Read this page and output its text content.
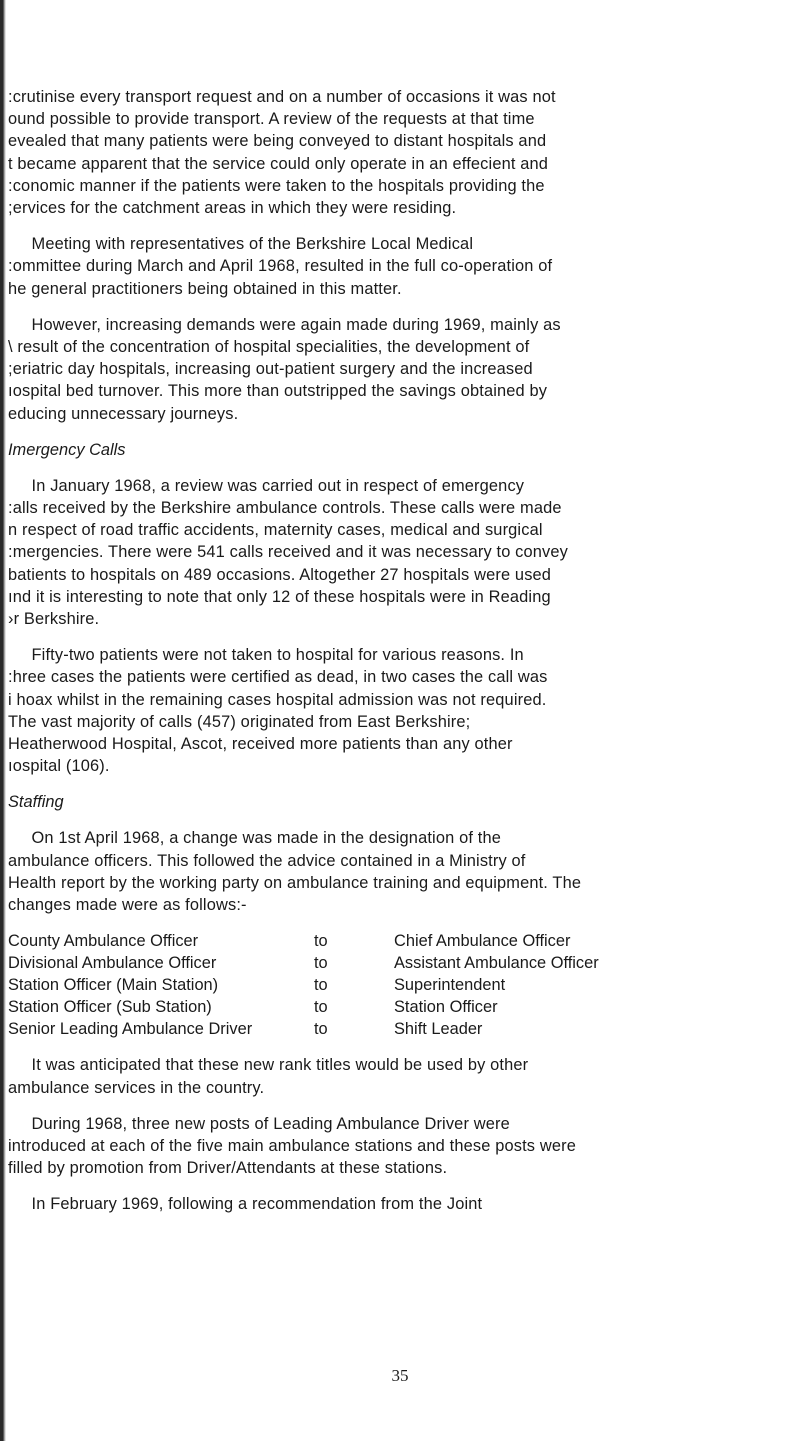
:crutinise every transport request and on a number of occasions it was not
ound possible to provide transport. A review of the requests at that time
evealed that many patients were being conveyed to distant hospitals and
t became apparent that the service could only operate in an effecient and
:conomic manner if the patients were taken to the hospitals providing the
;ervices for the catchment areas in which they were residing.

Meeting with representatives of the Berkshire Local Medical
:ommittee during March and April 1968, resulted in the full co-operation of
he general practitioners being obtained in this matter.

However, increasing demands were again made during 1969, mainly as
\ result of the concentration of hospital specialities, the development of
;eriatric day hospitals, increasing out-patient surgery and the increased
ıospital bed turnover. This more than outstripped the savings obtained by
educing unnecessary journeys.

Imergency Calls

In January 1968, a review was carried out in respect of emergency
:alls received by the Berkshire ambulance controls. These calls were made
n respect of road traffic accidents, maternity cases, medical and surgical
:mergencies. There were 541 calls received and it was necessary to convey
batients to hospitals on 489 occasions. Altogether 27 hospitals were used
ınd it is interesting to note that only 12 of these hospitals were in Reading
›r Berkshire.

Fifty-two patients were not taken to hospital for various reasons. In
:hree cases the patients were certified as dead, in two cases the call was
i hoax whilst in the remaining cases hospital admission was not required.
The vast majority of calls (457) originated from East Berkshire;
Heatherwood Hospital, Ascot, received more patients than any other
ıospital (106).

Staffing

On 1st April 1968, a change was made in the designation of the
ambulance officers. This followed the advice contained in a Ministry of
Health report by the working party on ambulance training and equipment. The
changes made were as follows:-

County Ambulance Officer	to	Chief Ambulance Officer
Divisional Ambulance Officer	to	Assistant Ambulance Officer
Station Officer (Main Station)	to	Superintendent
Station Officer (Sub Station)	to	Station Officer
Senior Leading Ambulance Driver	to	Shift Leader

It was anticipated that these new rank titles would be used by other
ambulance services in the country.

During 1968, three new posts of Leading Ambulance Driver were
introduced at each of the five main ambulance stations and these posts were
filled by promotion from Driver/Attendants at these stations.

In February 1969, following a recommendation from the Joint

35
